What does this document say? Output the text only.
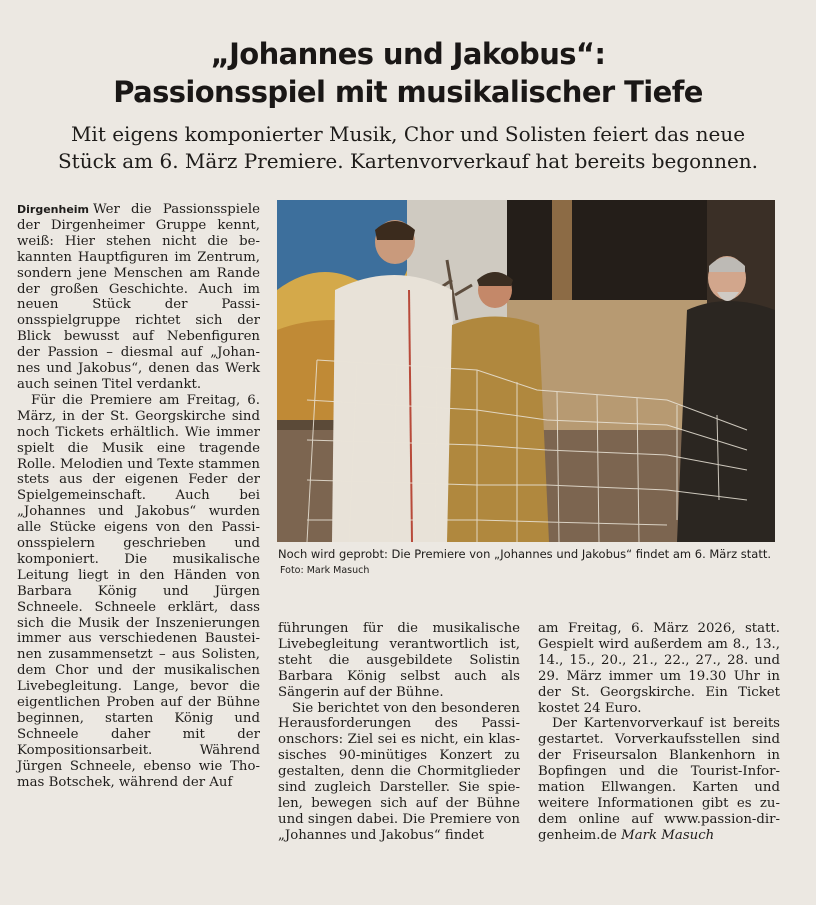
„Johannes und Jakobus“:
Passionsspiel mit musikalischer Tiefe
Mit eigens komponierter Musik, Chor und Solisten feiert das neue
Stück am 6. März Premiere. Kartenvorverkauf hat bereits begonnen.

Dirgenheim Wer die Passionsspiele der Dirgenheimer Gruppe kennt, weiß: Hier stehen nicht die bekannten Hauptfiguren im Zentrum, sondern jene Menschen am Rande der großen Geschichte. Auch im neuen Stück der Passionsspielgruppe richtet sich der Blick bewusst auf Nebenfiguren der Passion – diesmal auf „Johannes und Jakobus“, denen das Werk auch seinen Titel verdankt.

Für die Premiere am Freitag, 6. März, in der St. Georgskirche sind noch Tickets erhältlich. Wie immer spielt die Musik eine tragende Rolle. Melodien und Texte stammen stets aus der eigenen Feder der Spielgemeinschaft. Auch bei „Johannes und Jakobus“ wurden alle Stücke eigens von den Passionsspielern geschrieben und komponiert. Die musikalische Leitung liegt in den Händen von Barbara König und Jürgen Schneele. Schneele erklärt, dass sich die Musik der Inszenierungen immer aus verschiedenen Bausteinen zusammensetzt – aus Solisten, dem Chor und der musikalischen Livebegleitung. Lange, bevor die eigentlichen Proben auf der Bühne beginnen, starten König und Schneele daher mit der Kompositionsarbeit. Während Jürgen Schneele, ebenso wie Thomas Botschek, während der Auf

Noch wird geprobt: Die Premiere von „Johannes und Jakobus“ findet am 6. März statt. Foto: Mark Masuch

führungen für die musikalische Livebegleitung verantwortlich ist, steht die ausgebildete Solistin Barbara König selbst auch als Sängerin auf der Bühne.

Sie berichtet von den besonderen Herausforderungen des Passionschors: Ziel sei es nicht, ein klassisches 90-minütiges Konzert zu gestalten, denn die Chormitglieder sind zugleich Darsteller. Sie spielen, bewegen sich auf der Bühne und singen dabei. Die Premiere von „Johannes und Jakobus“ findet

am Freitag, 6. März 2026, statt. Gespielt wird außerdem am 8., 13., 14., 15., 20., 21., 22., 27., 28. und 29. März immer um 19.30 Uhr in der St. Georgskirche. Ein Ticket kostet 24 Euro.

Der Kartenvorverkauf ist bereits gestartet. Vorverkaufsstellen sind der Friseursalon Blankenhorn in Bopfingen und die Tourist-Information Ellwangen. Karten und weitere Informationen gibt es zudem online auf www.passion-dirgenheim.de Mark Masuch
